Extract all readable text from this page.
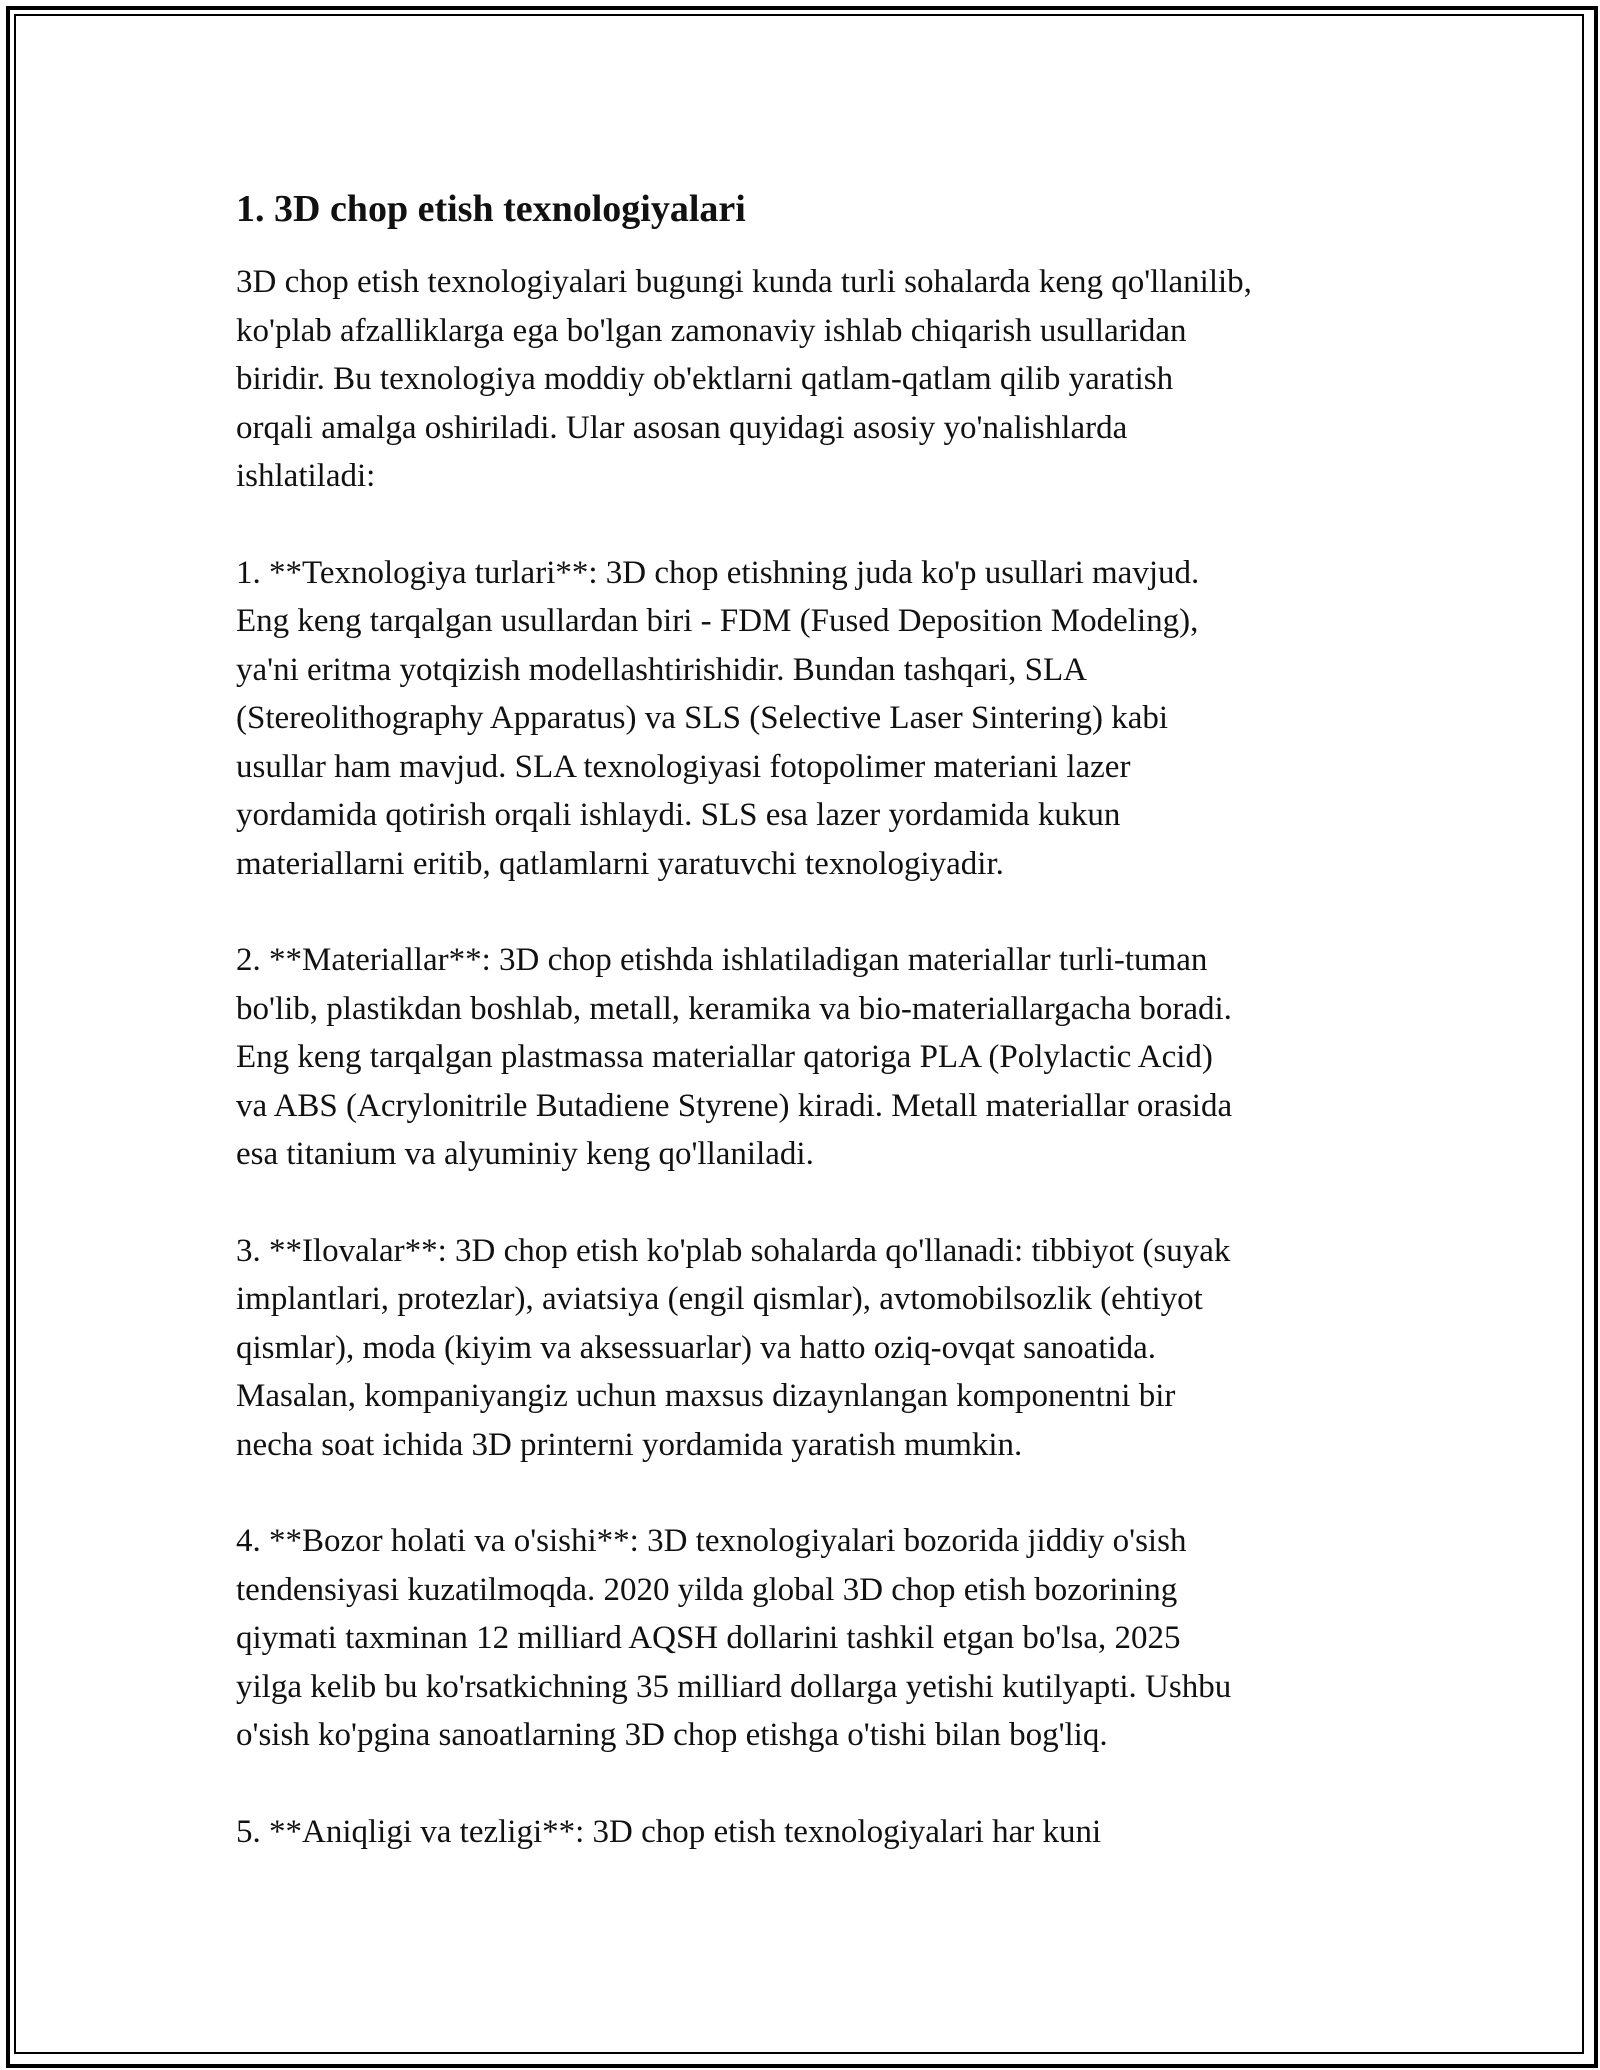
1. 3D chop etish texnologiyalari

3D chop etish texnologiyalari bugungi kunda turli sohalarda keng qo'llanilib,
ko'plab afzalliklarga ega bo'lgan zamonaviy ishlab chiqarish usullaridan
biridir. Bu texnologiya moddiy ob'ektlarni qatlam-qatlam qilib yaratish
orqali amalga oshiriladi. Ular asosan quyidagi asosiy yo'nalishlarda
ishlatiladi:

1. **Texnologiya turlari**: 3D chop etishning juda ko'p usullari mavjud.
Eng keng tarqalgan usullardan biri - FDM (Fused Deposition Modeling),
ya'ni eritma yotqizish modellashtirishidir. Bundan tashqari, SLA
(Stereolithography Apparatus) va SLS (Selective Laser Sintering) kabi
usullar ham mavjud. SLA texnologiyasi fotopolimer materiani lazer
yordamida qotirish orqali ishlaydi. SLS esa lazer yordamida kukun
materiallarni eritib, qatlamlarni yaratuvchi texnologiyadir.

2. **Materiallar**: 3D chop etishda ishlatiladigan materiallar turli-tuman
bo'lib, plastikdan boshlab, metall, keramika va bio-materiallargacha boradi.
Eng keng tarqalgan plastmassa materiallar qatoriga PLA (Polylactic Acid)
va ABS (Acrylonitrile Butadiene Styrene) kiradi. Metall materiallar orasida
esa titanium va alyuminiy keng qo'llaniladi.

3. **Ilovalar**: 3D chop etish ko'plab sohalarda qo'llanadi: tibbiyot (suyak
implantlari, protezlar), aviatsiya (engil qismlar), avtomobilsozlik (ehtiyot
qismlar), moda (kiyim va aksessuarlar) va hatto oziq-ovqat sanoatida.
Masalan, kompaniyangiz uchun maxsus dizaynlangan komponentni bir
necha soat ichida 3D printerni yordamida yaratish mumkin.

4. **Bozor holati va o'sishi**: 3D texnologiyalari bozorida jiddiy o'sish
tendensiyasi kuzatilmoqda. 2020 yilda global 3D chop etish bozorining
qiymati taxminan 12 milliard AQSH dollarini tashkil etgan bo'lsa, 2025
yilga kelib bu ko'rsatkichning 35 milliard dollarga yetishi kutilyapti. Ushbu
o'sish ko'pgina sanoatlarning 3D chop etishga o'tishi bilan bog'liq.

5. **Aniqligi va tezligi**: 3D chop etish texnologiyalari har kuni
